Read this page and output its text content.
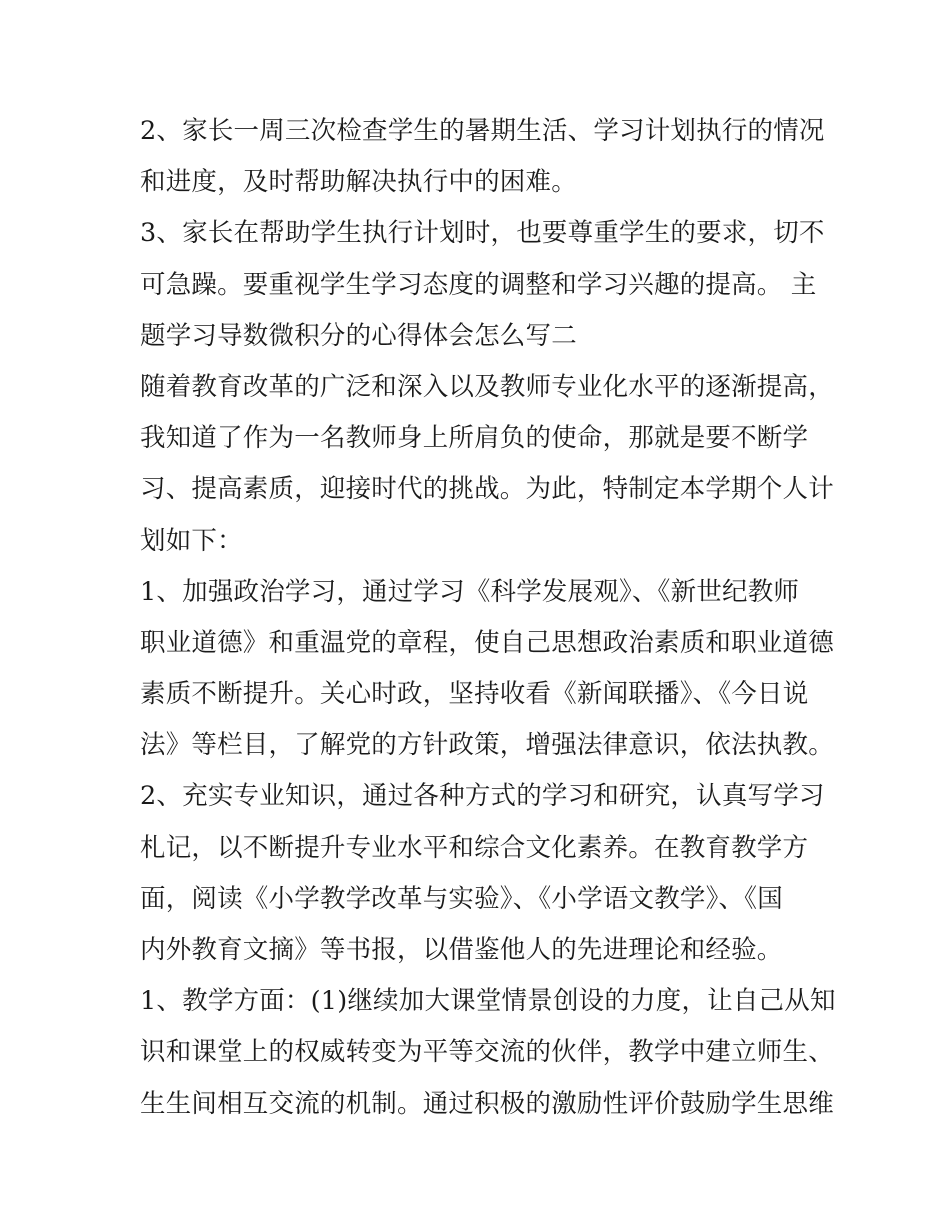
2、家长一周三次检查学生的暑期生活、学习计划执行的情况
和进度，及时帮助解决执行中的困难。
3、家长在帮助学生执行计划时，也要尊重学生的要求，切不
可急躁。要重视学生学习态度的调整和学习兴趣的提高。 主
题学习导数微积分的心得体会怎么写二
随着教育改革的广泛和深入以及教师专业化水平的逐渐提高，
我知道了作为一名教师身上所肩负的使命，那就是要不断学
习、提高素质，迎接时代的挑战。为此，特制定本学期个人计
划如下：
1、加强政治学习，通过学习《科学发展观》、《新世纪教师
职业道德》和重温党的章程，使自己思想政治素质和职业道德
素质不断提升。关心时政，坚持收看《新闻联播》、《今日说
法》等栏目，了解党的方针政策，增强法律意识，依法执教。
2、充实专业知识，通过各种方式的学习和研究，认真写学习
札记，以不断提升专业水平和综合文化素养。在教育教学方
面，阅读《小学教学改革与实验》、《小学语文教学》、《国
内外教育文摘》等书报，以借鉴他人的先进理论和经验。
1、教学方面：(1)继续加大课堂情景创设的力度，让自己从知
识和课堂上的权威转变为平等交流的伙伴，教学中建立师生、
生生间相互交流的机制。通过积极的激励性评价鼓励学生思维
